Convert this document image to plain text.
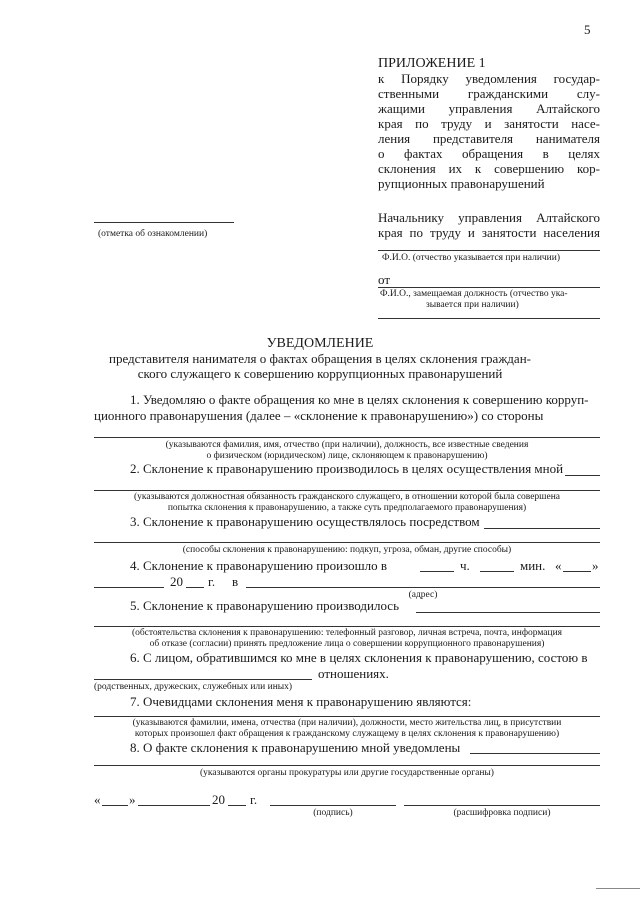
5
ПРИЛОЖЕНИЕ 1
к Порядку уведомления государ-
ственными гражданскими слу-
жащими управления Алтайского
края по труду и занятости насе-
ления представителя нанимателя
о фактах обращения в целях
склонения их к совершению кор-
рупционных правонарушений
(отметка об ознакомлении)
Начальнику управления Алтайского
края по труду и занятости населения
Ф.И.О. (отчество указывается при наличии)
от
Ф.И.О., замещаемая должность (отчество ука-
зывается при наличии)
УВЕДОМЛЕНИЕ
представителя нанимателя о фактах обращения в целях склонения граждан-
ского служащего к совершению коррупционных правонарушений
1. Уведомляю о факте обращения ко мне в целях склонения к совершению корруп-
ционного правонарушения (далее – «склонение к правонарушению») со стороны
(указываются фамилия, имя, отчество (при наличии), должность, все известные сведения
о физическом (юридическом) лице, склоняющем к правонарушению)
2. Склонение к правонарушению производилось в целях осуществления мной
(указываются должностная обязанность гражданского служащего, в отношении которой была совершена
попытка склонения к правонарушению, а также суть предполагаемого правонарушения)
3. Склонение к правонарушению осуществлялось посредством
(способы склонения к правонарушению: подкуп, угроза, обман, другие способы)
4. Склонение к правонарушению произошло в	ч.	мин. « »
20 г. в
(адрес)
5. Склонение к правонарушению производилось
(обстоятельства склонения к правонарушению: телефонный разговор, личная встреча, почта, информация
об отказе (согласии) принять предложение лица о совершении коррупционного правонарушения)
6. С лицом, обратившимся ко мне в целях склонения к правонарушению, состою в
отношениях.
(родственных, дружеских, служебных или иных)
7. Очевидцами склонения меня к правонарушению являются:
(указываются фамилии, имена, отчества (при наличии), должности, место жительства лиц, в присутствии
которых произошел факт обращения к гражданскому служащему в целях склонения к правонарушению)
8. О факте склонения к правонарушению мной уведомлены
(указываются органы прокуратуры или другие государственные органы)
« »	20 г.
(подпись)	(расшифровка подписи)
